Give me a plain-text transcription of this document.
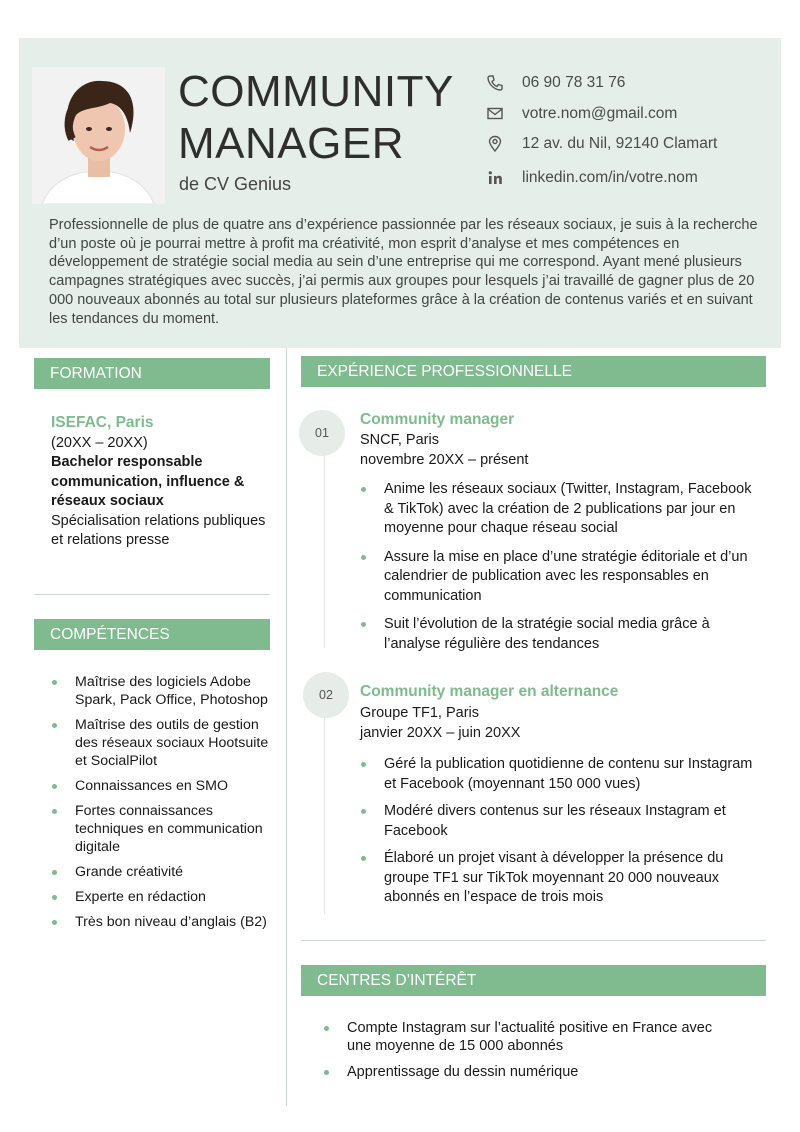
COMMUNITY
MANAGER
de CV Genius
06 90 78 31 76
votre.nom@gmail.com
12 av. du Nil, 92140 Clamart
linkedin.com/in/votre.nom
Professionnelle de plus de quatre ans d’expérience passionnée par les réseaux sociaux, je suis à la recherche d’un poste où je pourrai mettre à profit ma créativité, mon esprit d’analyse et mes compétences en développement de stratégie social media au sein d’une entreprise qui me correspond. Ayant mené plusieurs campagnes stratégiques avec succès, j’ai permis aux groupes pour lesquels j’ai travaillé de gagner plus de 20 000 nouveaux abonnés au total sur plusieurs plateformes grâce à la création de contenus variés et en suivant les tendances du moment.
FORMATION
ISEFAC, Paris
(20XX – 20XX)
Bachelor responsable communication, influence & réseaux sociaux
Spécialisation relations publiques et relations presse
COMPÉTENCES
Maîtrise des logiciels Adobe Spark, Pack Office, Photoshop
Maîtrise des outils de gestion des réseaux sociaux Hootsuite et SocialPilot
Connaissances en SMO
Fortes connaissances techniques en communication digitale
Grande créativité
Experte en rédaction
Très bon niveau d’anglais (B2)
EXPÉRIENCE PROFESSIONNELLE
01
Community manager
SNCF, Paris
novembre 20XX – présent
Anime les réseaux sociaux (Twitter, Instagram, Facebook & TikTok) avec la création de 2 publications par jour en moyenne pour chaque réseau social
Assure la mise en place d’une stratégie éditoriale et d’un calendrier de publication avec les responsables en communication
Suit l’évolution de la stratégie social media grâce à l’analyse régulière des tendances
02	Community manager en alternance
Groupe TF1, Paris
janvier 20XX – juin 20XX
Géré la publication quotidienne de contenu sur Instagram et Facebook (moyennant 150 000 vues)
Modéré divers contenus sur les réseaux Instagram et Facebook
Élaboré un projet visant à développer la présence du groupe TF1 sur TikTok moyennant 20 000 nouveaux abonnés en l’espace de trois mois
CENTRES D’INTÉRÊT
Compte Instagram sur l’actualité positive en France avec une moyenne de 15 000 abonnés
Apprentissage du dessin numérique
